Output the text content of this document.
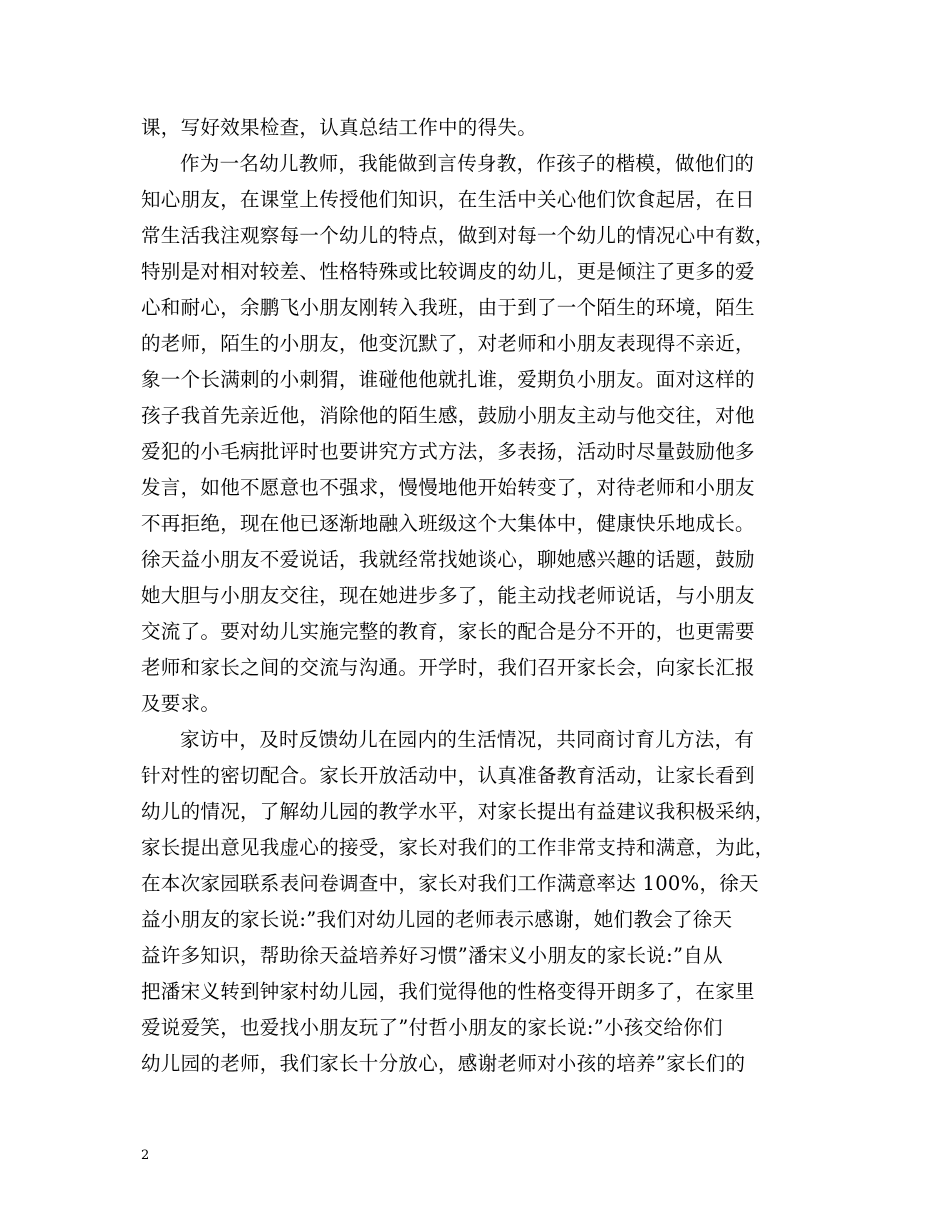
课，写好效果检查，认真总结工作中的得失。
作为一名幼儿教师，我能做到言传身教，作孩子的楷模，做他们的
知心朋友，在课堂上传授他们知识，在生活中关心他们饮食起居，在日
常生活我注观察每一个幼儿的特点，做到对每一个幼儿的情况心中有数，
特别是对相对较差、性格特殊或比较调皮的幼儿，更是倾注了更多的爱
心和耐心，余鹏飞小朋友刚转入我班，由于到了一个陌生的环境，陌生
的老师，陌生的小朋友，他变沉默了，对老师和小朋友表现得不亲近，
象一个长满刺的小刺猬，谁碰他他就扎谁，爱期负小朋友。面对这样的
孩子我首先亲近他，消除他的陌生感，鼓励小朋友主动与他交往，对他
爱犯的小毛病批评时也要讲究方式方法，多表扬，活动时尽量鼓励他多
发言，如他不愿意也不强求，慢慢地他开始转变了，对待老师和小朋友
不再拒绝，现在他已逐渐地融入班级这个大集体中，健康快乐地成长。
徐天益小朋友不爱说话，我就经常找她谈心，聊她感兴趣的话题，鼓励
她大胆与小朋友交往，现在她进步多了，能主动找老师说话，与小朋友
交流了。要对幼儿实施完整的教育，家长的配合是分不开的，也更需要
老师和家长之间的交流与沟通。开学时，我们召开家长会，向家长汇报
及要求。
家访中，及时反馈幼儿在园内的生活情况，共同商讨育儿方法，有
针对性的密切配合。家长开放活动中，认真准备教育活动，让家长看到
幼儿的情况，了解幼儿园的教学水平，对家长提出有益建议我积极采纳，
家长提出意见我虚心的接受，家长对我们的工作非常支持和满意，为此，
在本次家园联系表问卷调查中，家长对我们工作满意率达 100%，徐天
益小朋友的家长说:”我们对幼儿园的老师表示感谢，她们教会了徐天
益许多知识，帮助徐天益培养好习惯”潘宋义小朋友的家长说:”自从
把潘宋义转到钟家村幼儿园，我们觉得他的性格变得开朗多了，在家里
爱说爱笑，也爱找小朋友玩了”付哲小朋友的家长说:”小孩交给你们
幼儿园的老师，我们家长十分放心，感谢老师对小孩的培养”家长们的
2
